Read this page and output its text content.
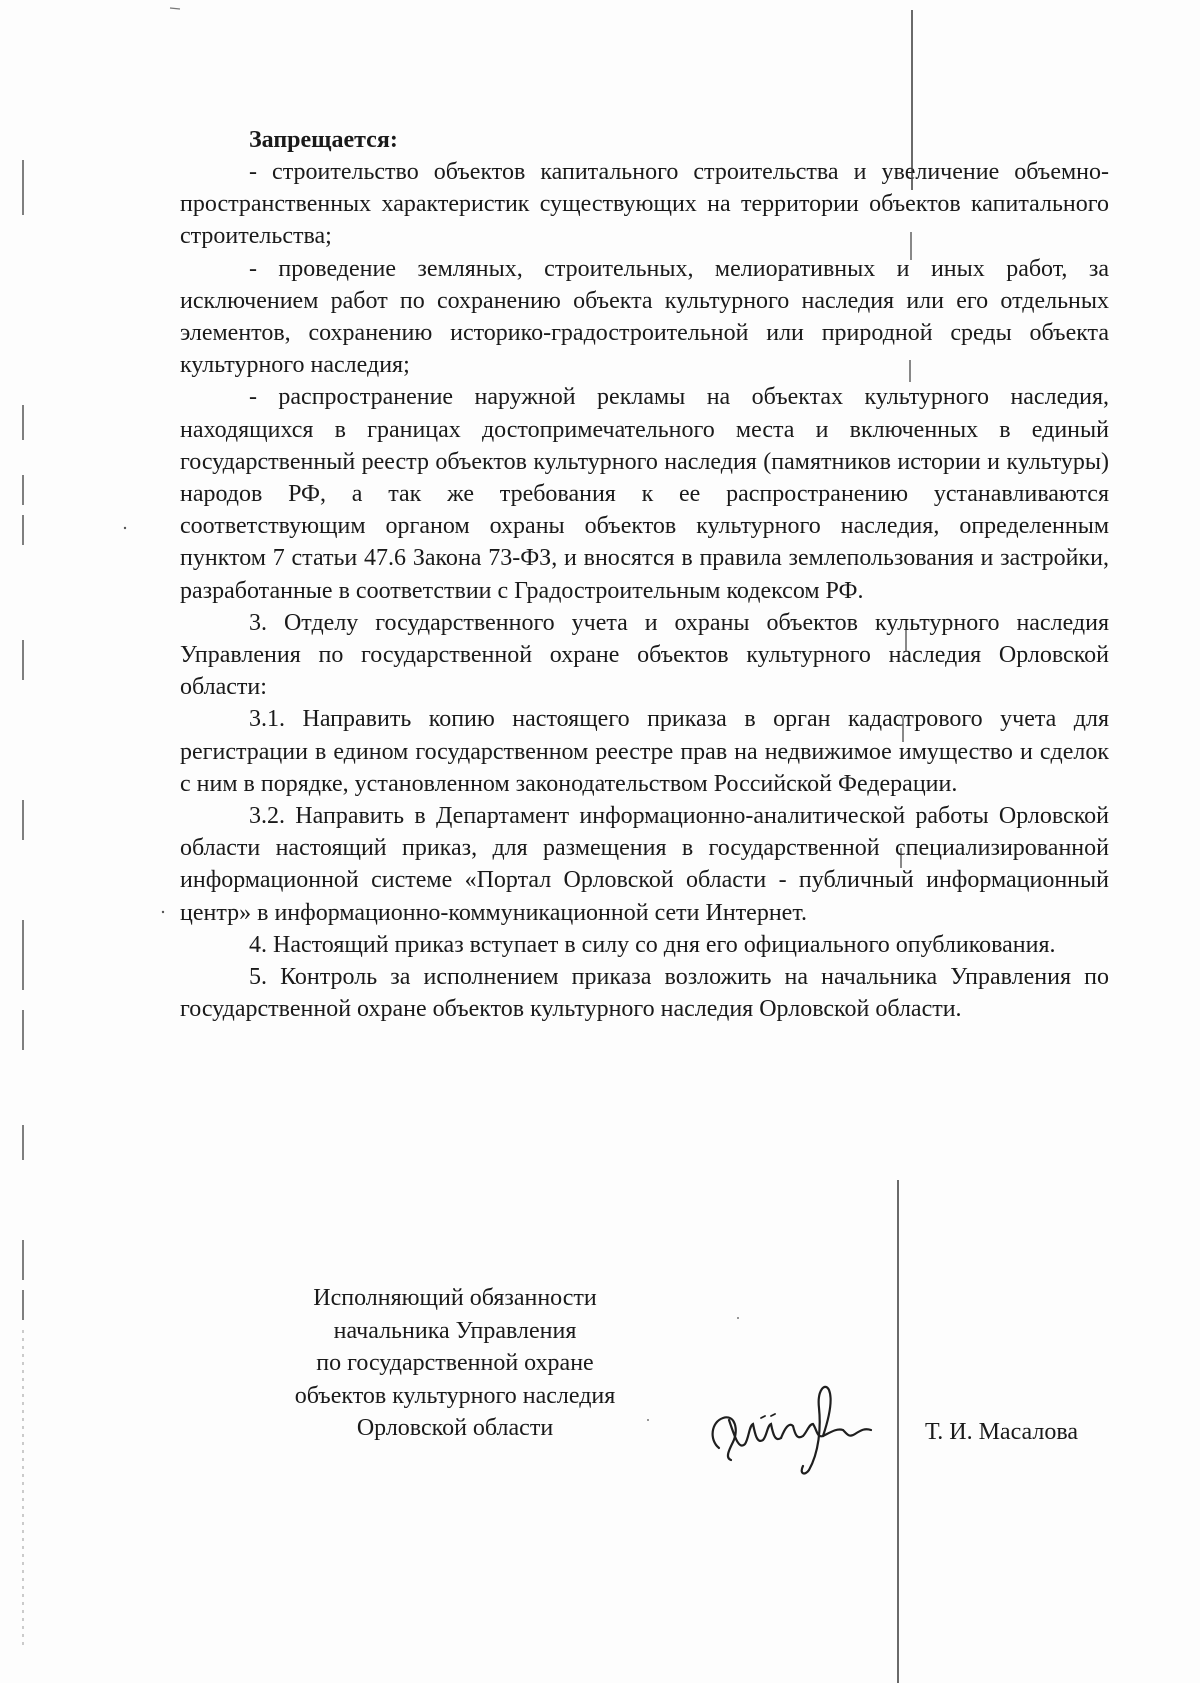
Запрещается:

- строительство объектов капитального строительства и увеличение объемно-пространственных характеристик существующих на территории объектов капитального строительства;

- проведение земляных, строительных, мелиоративных и иных работ, за исключением работ по сохранению объекта культурного наследия или его отдельных элементов, сохранению историко-градостроительной или природной среды объекта культурного наследия;

- распространение наружной рекламы на объектах культурного наследия, находящихся в границах достопримечательного места и включенных в единый государственный реестр объектов культурного наследия (памятников истории и культуры) народов РФ, а так же требования к ее распространению устанавливаются соответствующим органом охраны объектов культурного наследия, определенным пунктом 7 статьи 47.6 Закона 73-ФЗ, и вносятся в правила землепользования и застройки, разработанные в соответствии с Градостроительным кодексом РФ.

3. Отделу государственного учета и охраны объектов культурного наследия Управления по государственной охране объектов культурного наследия Орловской области:

3.1. Направить копию настоящего приказа в орган кадастрового учета для регистрации в едином государственном реестре прав на недвижимое имущество и сделок с ним в порядке, установленном законодательством Российской Федерации.

3.2. Направить в Департамент информационно-аналитической работы Орловской области настоящий приказ, для размещения в государственной специализированной информационной системе «Портал Орловской области - публичный информационный центр» в информационно-коммуникационной сети Интернет.

4. Настоящий приказ вступает в силу со дня его официального опубликования.

5. Контроль за исполнением приказа возложить на начальника Управления по государственной охране объектов культурного наследия Орловской области.

Исполняющий обязанности
начальника Управления
по государственной охране
объектов культурного наследия
Орловской области	Т. И. Масалова
